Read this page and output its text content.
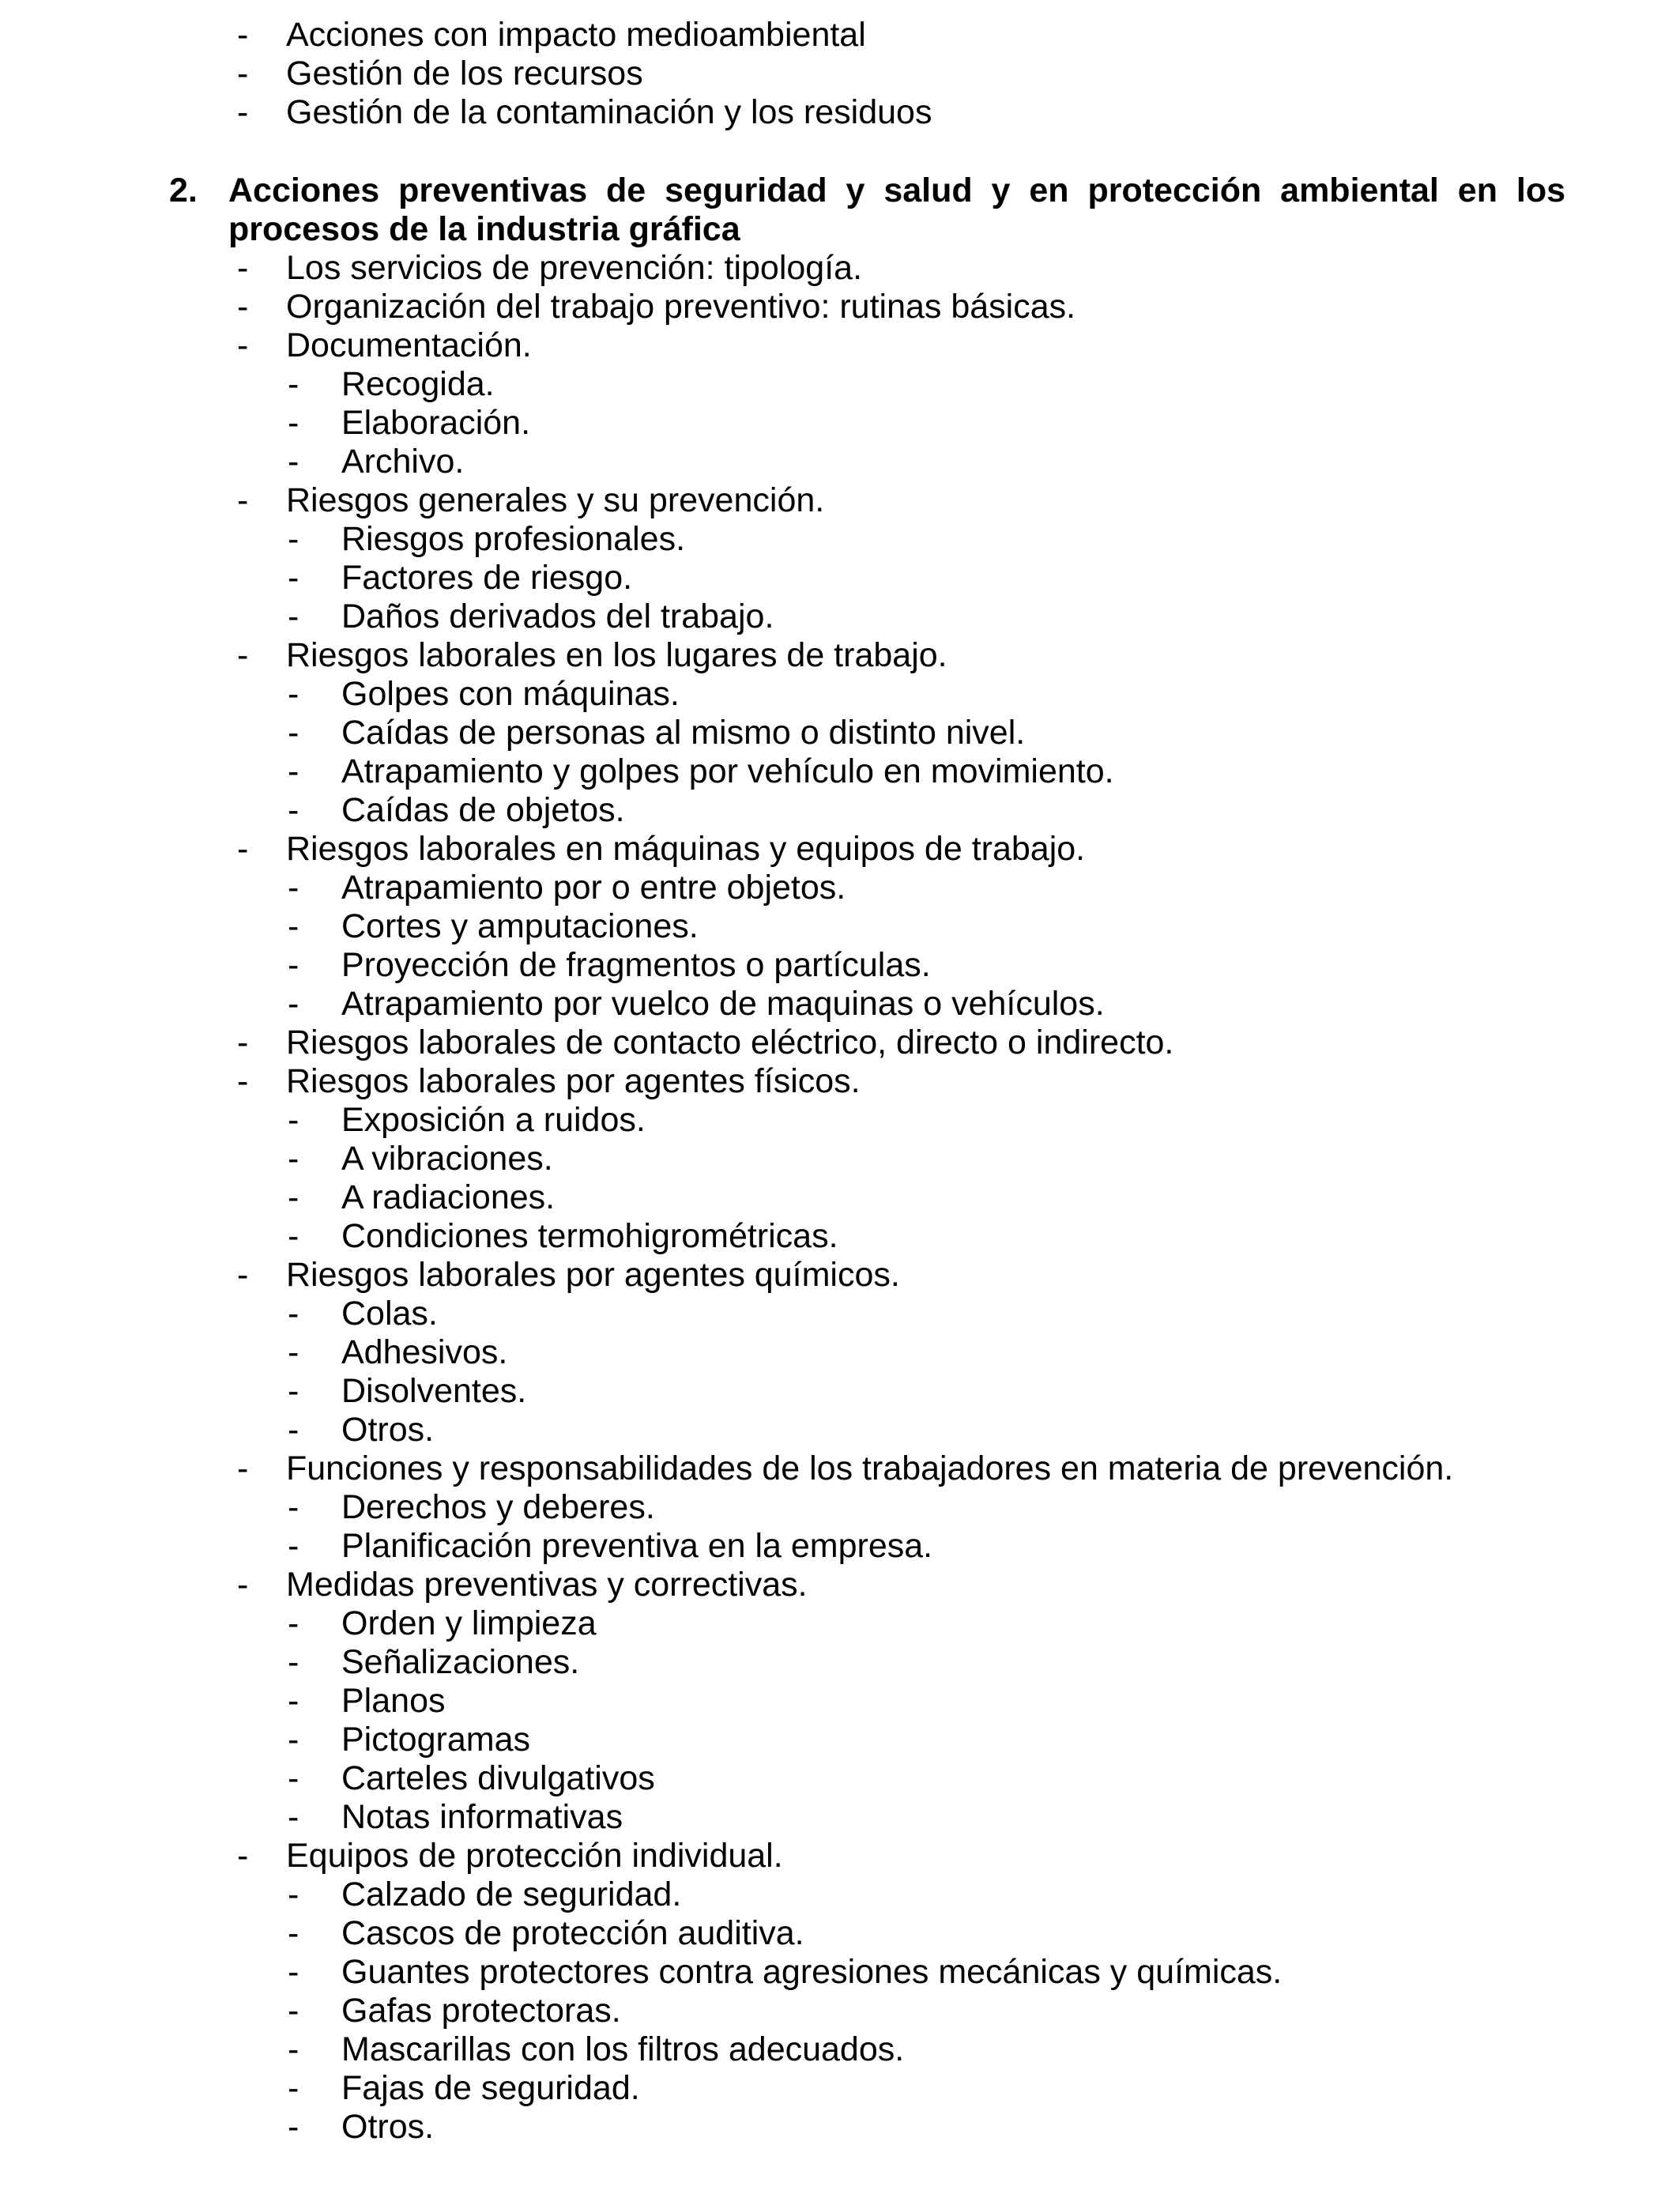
- Acciones con impacto medioambiental
- Gestión de los recursos
- Gestión de la contaminación y los residuos
2. Acciones preventivas de seguridad y salud y en protección ambiental en los
procesos de la industria gráfica
- Los servicios de prevención: tipología.
- Organización del trabajo preventivo: rutinas básicas.
- Documentación.
- Recogida.
- Elaboración.
- Archivo.
- Riesgos generales y su prevención.
- Riesgos profesionales.
- Factores de riesgo.
- Daños derivados del trabajo.
- Riesgos laborales en los lugares de trabajo.
- Golpes con máquinas.
- Caídas de personas al mismo o distinto nivel.
- Atrapamiento y golpes por vehículo en movimiento.
- Caídas de objetos.
- Riesgos laborales en máquinas y equipos de trabajo.
- Atrapamiento por o entre objetos.
- Cortes y amputaciones.
- Proyección de fragmentos o partículas.
- Atrapamiento por vuelco de maquinas o vehículos.
- Riesgos laborales de contacto eléctrico, directo o indirecto.
- Riesgos laborales por agentes físicos.
- Exposición a ruidos.
- A vibraciones.
- A radiaciones.
- Condiciones termohigrométricas.
- Riesgos laborales por agentes químicos.
- Colas.
- Adhesivos.
- Disolventes.
- Otros.
- Funciones y responsabilidades de los trabajadores en materia de prevención.
- Derechos y deberes.
- Planificación preventiva en la empresa.
- Medidas preventivas y correctivas.
- Orden y limpieza
- Señalizaciones.
- Planos
- Pictogramas
- Carteles divulgativos
- Notas informativas
- Equipos de protección individual.
- Calzado de seguridad.
- Cascos de protección auditiva.
- Guantes protectores contra agresiones mecánicas y químicas.
- Gafas protectoras.
- Mascarillas con los filtros adecuados.
- Fajas de seguridad.
- Otros.
